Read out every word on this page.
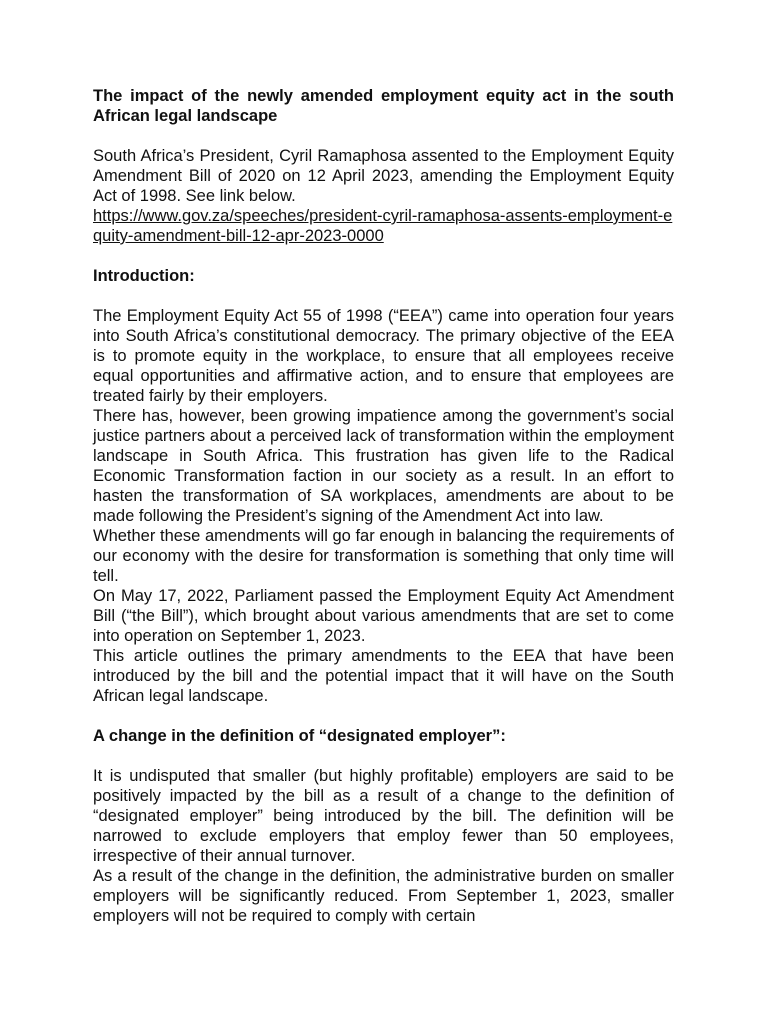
The impact of the newly amended employment equity act in the south African legal landscape

South Africa’s President, Cyril Ramaphosa assented to the Employment Equity Amendment Bill of 2020 on 12 April 2023, amending the Employment Equity Act of 1998. See link below.

https://www.gov.za/speeches/president-cyril-ramaphosa-assents-employment-equity-amendment-bill-12-apr-2023-0000

Introduction:

The Employment Equity Act 55 of 1998 (“EEA”) came into operation four years into South Africa’s constitutional democracy. The primary objective of the EEA is to promote equity in the workplace, to ensure that all employees receive equal opportunities and affirmative action, and to ensure that employees are treated fairly by their employers.

There has, however, been growing impatience among the government’s social justice partners about a perceived lack of transformation within the employment landscape in South Africa. This frustration has given life to the Radical Economic Transformation faction in our society as a result. In an effort to hasten the transformation of SA workplaces, amendments are about to be made following the President’s signing of the Amendment Act into law.

Whether these amendments will go far enough in balancing the requirements of our economy with the desire for transformation is something that only time will tell.

On May 17, 2022, Parliament passed the Employment Equity Act Amendment Bill (“the Bill”), which brought about various amendments that are set to come into operation on September 1, 2023.

This article outlines the primary amendments to the EEA that have been introduced by the bill and the potential impact that it will have on the South African legal landscape.

A change in the definition of “designated employer”:

It is undisputed that smaller (but highly profitable) employers are said to be positively impacted by the bill as a result of a change to the definition of “designated employer” being introduced by the bill. The definition will be narrowed to exclude employers that employ fewer than 50 employees, irrespective of their annual turnover.

As a result of the change in the definition, the administrative burden on smaller employers will be significantly reduced. From September 1, 2023, smaller employers will not be required to comply with certain
